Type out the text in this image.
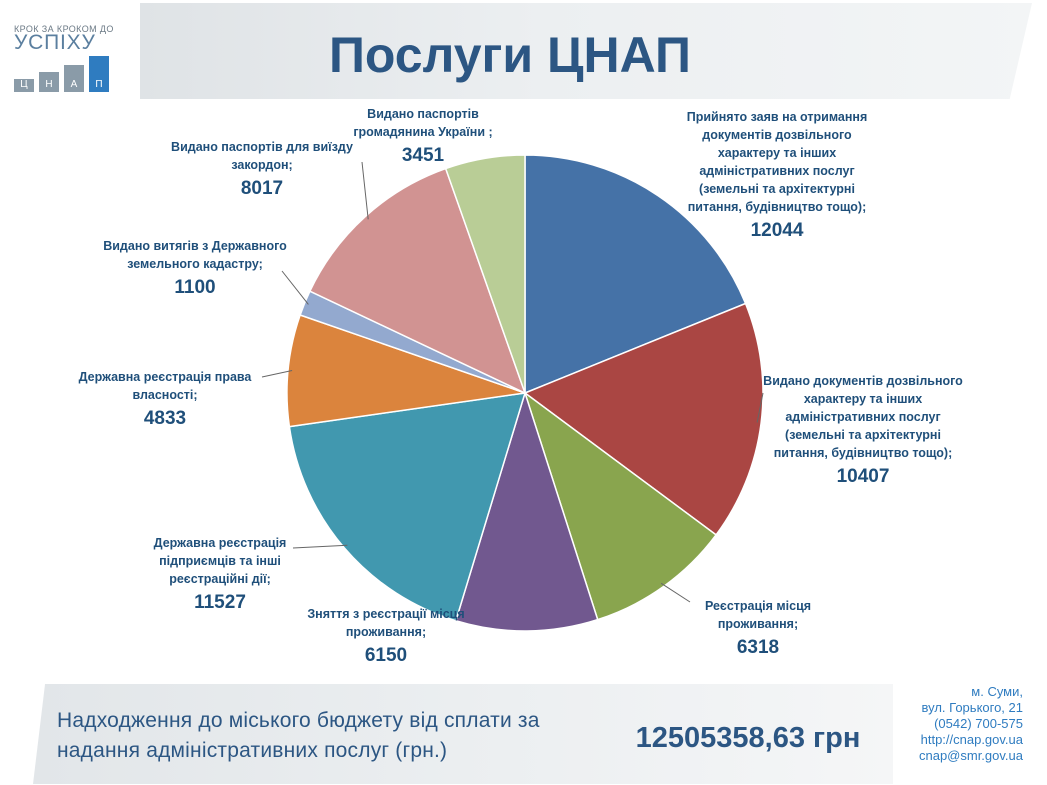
КРОК ЗА КРОКОМ ДО
УСПІХУ
Ц Н А П
Послуги ЦНАП
Прийнято заяв на отримання документів дозвільного характеру та інших адміністративних послуг (земельні та архітектурні питання, будівництво тощо);
12044
Видано документів дозвільного характеру та інших адміністративних послуг (земельні та архітектурні питання, будівництво тощо);
10407
Реєстрація місця проживання;
6318
Зняття з реєстрації місця проживання;
6150
Державна реєстрація підприємців та інші реєстраційні дії;
11527
Державна реєстрація права власності;
4833
Видано витягів з Державного земельного кадастру;
1100
Видано паспортів для виїзду закордон;
8017
Видано паспортів громадянина України ;
3451
Надходження до міського бюджету від сплати за надання адміністративних послуг (грн.)	12505358,63 грн
м. Суми,
вул. Горького, 21
(0542) 700-575
http://cnap.gov.ua
cnap@smr.gov.ua
